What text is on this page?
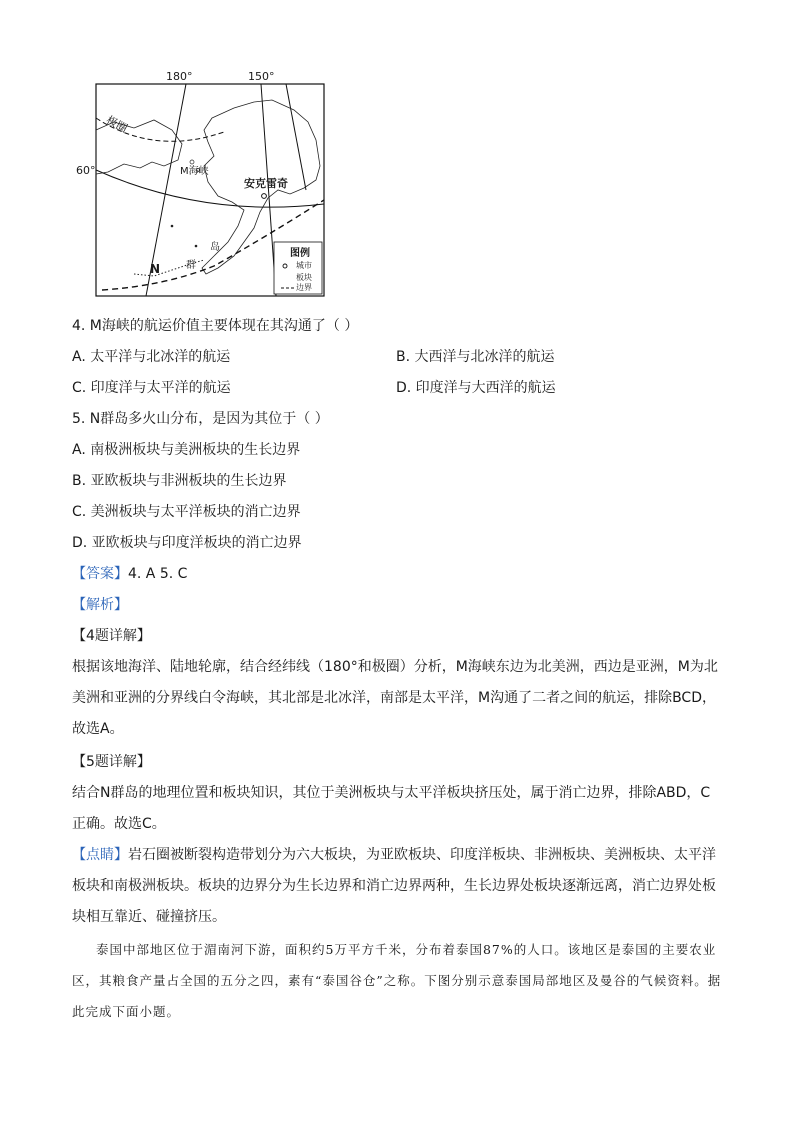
180°	150°
60°
极圈
M海峡
安克雷奇
N
岛
群
图例
城市
板块
边界
4. M海峡的航运价值主要体现在其沟通了（ ）
A. 太平洋与北冰洋的航运	B. 大西洋与北冰洋的航运
C. 印度洋与太平洋的航运	D. 印度洋与大西洋的航运
5. N群岛多火山分布，是因为其位于（ ）
A. 南极洲板块与美洲板块的生长边界
B. 亚欧板块与非洲板块的生长边界
C. 美洲板块与太平洋板块的消亡边界
D. 亚欧板块与印度洋板块的消亡边界
【答案】4. A 5. C
【解析】
【4题详解】
根据该地海洋、陆地轮廓，结合经纬线（180°和极圈）分析，M海峡东边为北美洲，西边是亚洲，M为北美洲和亚洲的分界线白令海峡，其北部是北冰洋，南部是太平洋，M沟通了二者之间的航运，排除BCD，故选A。
【5题详解】
结合N群岛的地理位置和板块知识，其位于美洲板块与太平洋板块挤压处，属于消亡边界，排除ABD，C正确。故选C。
【点睛】岩石圈被断裂构造带划分为六大板块，为亚欧板块、印度洋板块、非洲板块、美洲板块、太平洋板块和南极洲板块。板块的边界分为生长边界和消亡边界两种，生长边界处板块逐渐远离，消亡边界处板块相互靠近、碰撞挤压。
泰国中部地区位于湄南河下游，面积约5万平方千米，分布着泰国87%的人口。该地区是泰国的主要农业区，其粮食产量占全国的五分之四，素有“泰国谷仓”之称。下图分别示意泰国局部地区及曼谷的气候资料。据此完成下面小题。
